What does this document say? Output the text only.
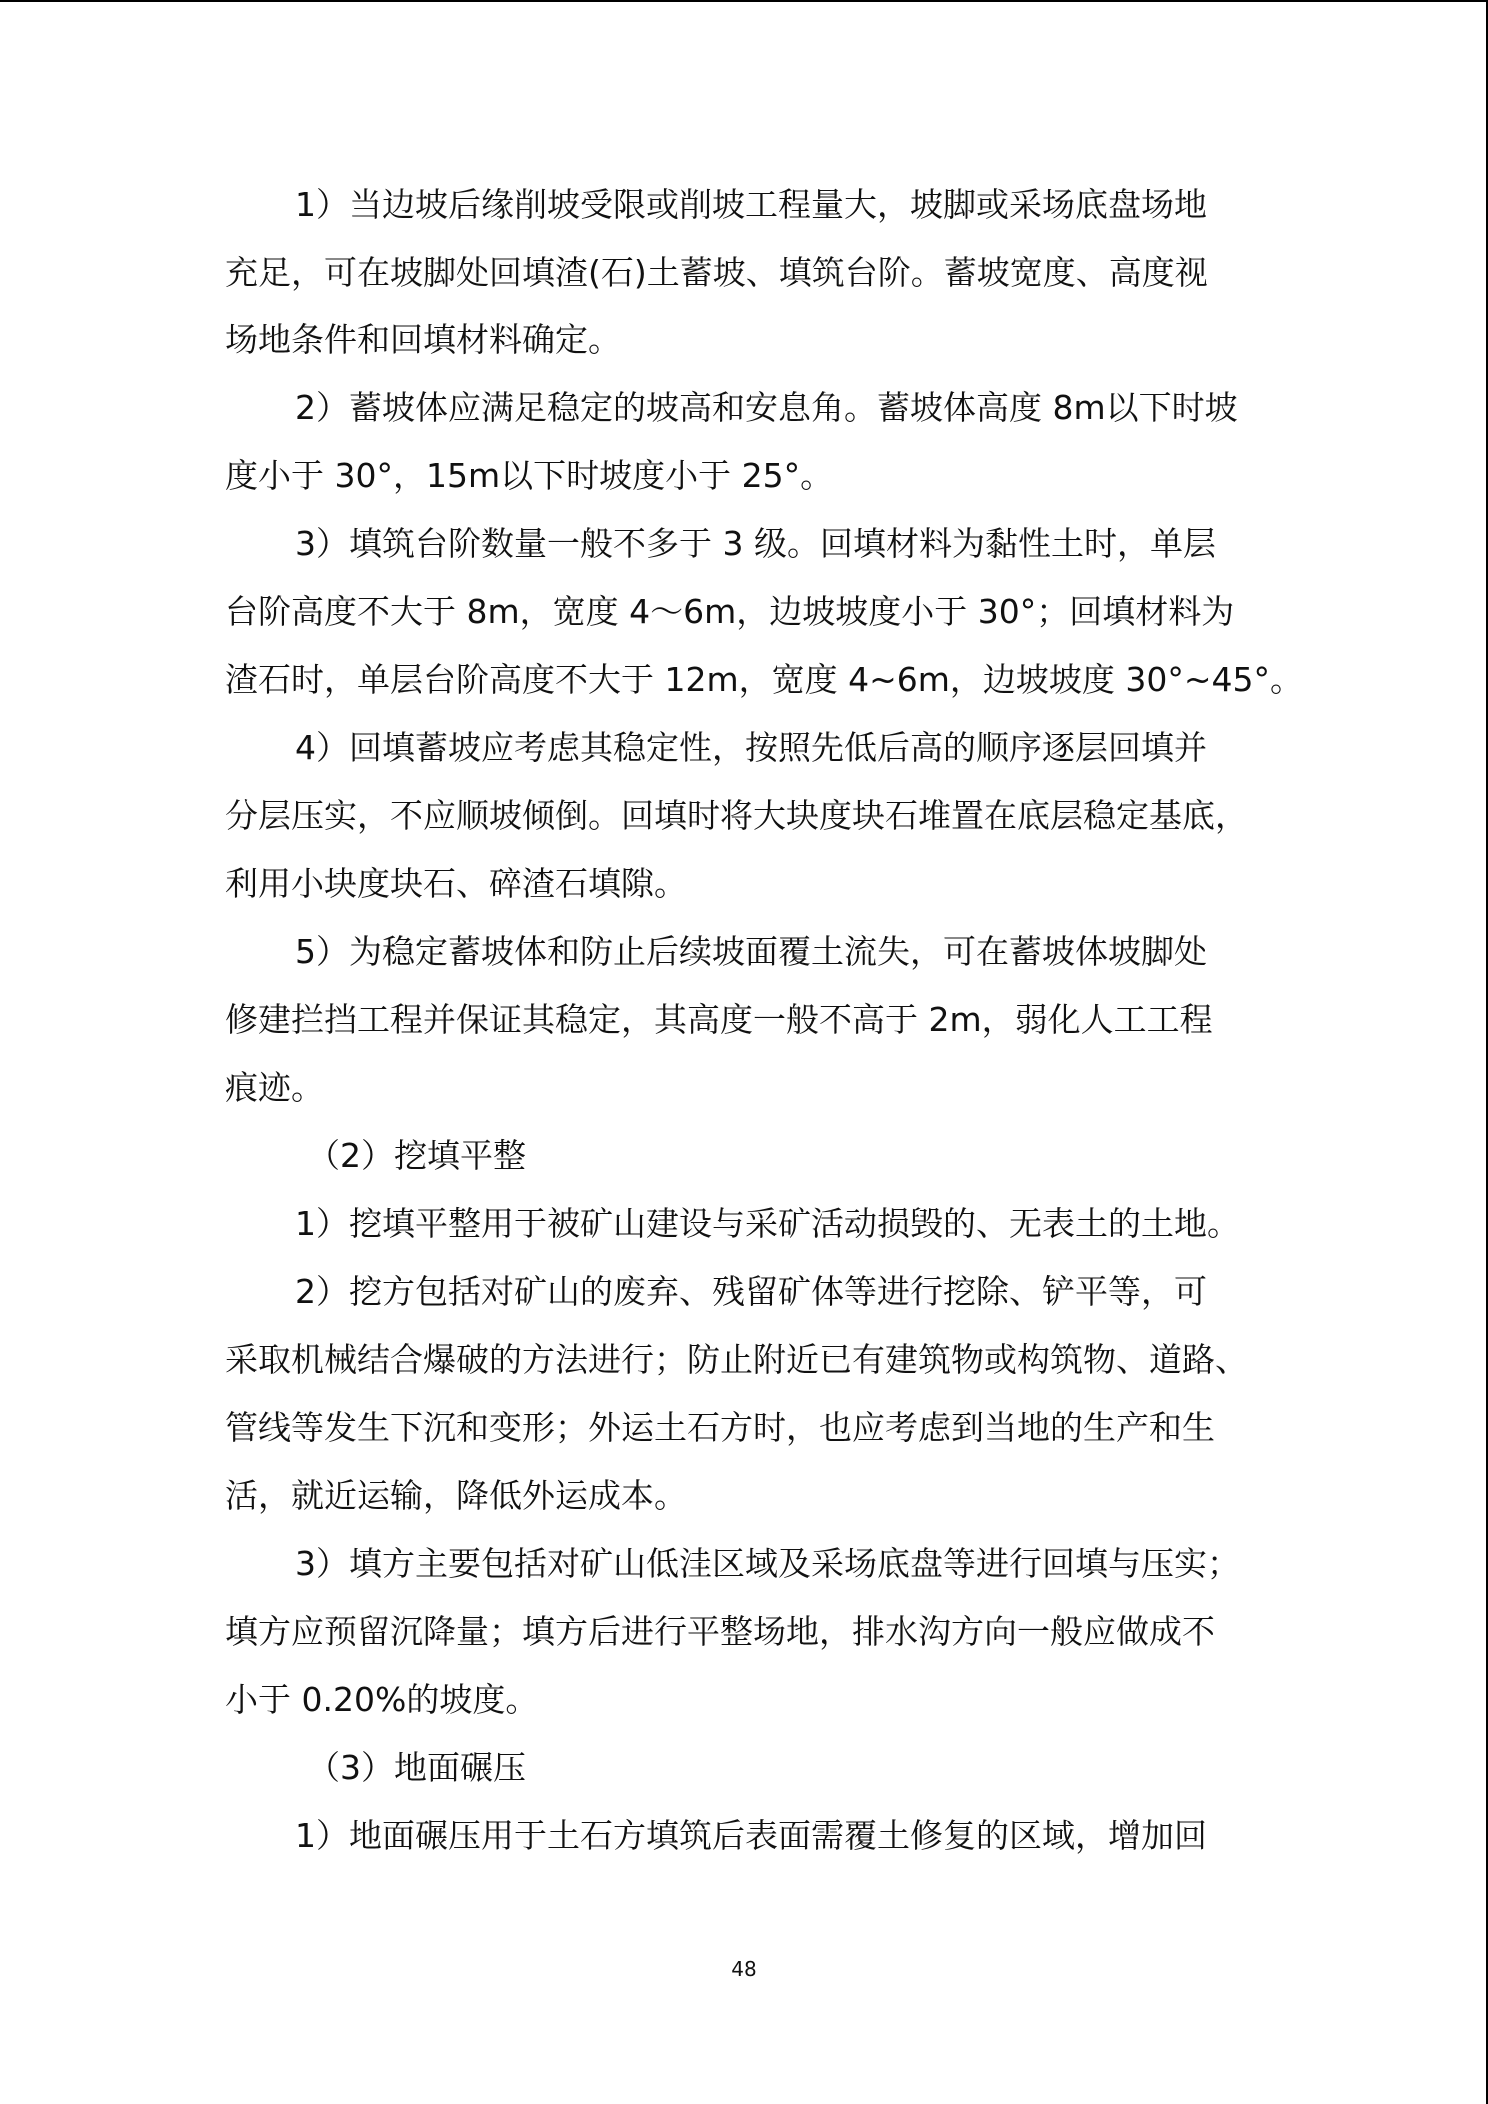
1）当边坡后缘削坡受限或削坡工程量大，坡脚或采场底盘场地

充足，可在坡脚处回填渣(石)土蓄坡、填筑台阶。蓄坡宽度、高度视

场地条件和回填材料确定。

2）蓄坡体应满足稳定的坡高和安息角。蓄坡体高度 8m以下时坡

度小于 30°，15m以下时坡度小于 25°。

3）填筑台阶数量一般不多于 3 级。回填材料为黏性土时，单层

台阶高度不大于 8m，宽度 4～6m，边坡坡度小于 30°；回填材料为

渣石时，单层台阶高度不大于 12m，宽度 4~6m，边坡坡度 30°~45°。

4）回填蓄坡应考虑其稳定性，按照先低后高的顺序逐层回填并

分层压实，不应顺坡倾倒。回填时将大块度块石堆置在底层稳定基底，

利用小块度块石、碎渣石填隙。

5）为稳定蓄坡体和防止后续坡面覆土流失，可在蓄坡体坡脚处

修建拦挡工程并保证其稳定，其高度一般不高于 2m，弱化人工工程

痕迹。

（2）挖填平整

1）挖填平整用于被矿山建设与采矿活动损毁的、无表土的土地。

2）挖方包括对矿山的废弃、残留矿体等进行挖除、铲平等，可

采取机械结合爆破的方法进行；防止附近已有建筑物或构筑物、道路、

管线等发生下沉和变形；外运土石方时，也应考虑到当地的生产和生

活，就近运输，降低外运成本。

3）填方主要包括对矿山低洼区域及采场底盘等进行回填与压实；

填方应预留沉降量；填方后进行平整场地，排水沟方向一般应做成不

小于 0.20%的坡度。

（3）地面碾压

1）地面碾压用于土石方填筑后表面需覆土修复的区域，增加回

48
